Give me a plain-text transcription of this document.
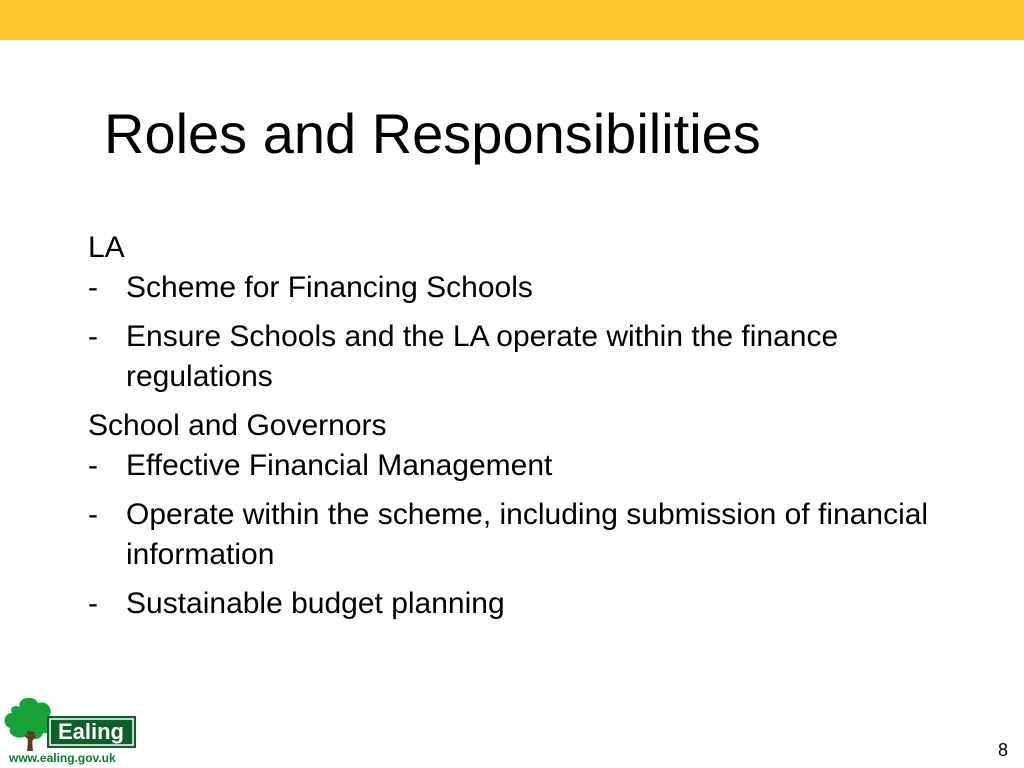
Roles and Responsibilities
LA
- Scheme for Financing Schools
- Ensure Schools and the LA operate within the finance regulations
School and Governors
- Effective Financial Management
- Operate within the scheme, including submission of financial information
- Sustainable budget planning
Ealing
www.ealing.gov.uk	8
